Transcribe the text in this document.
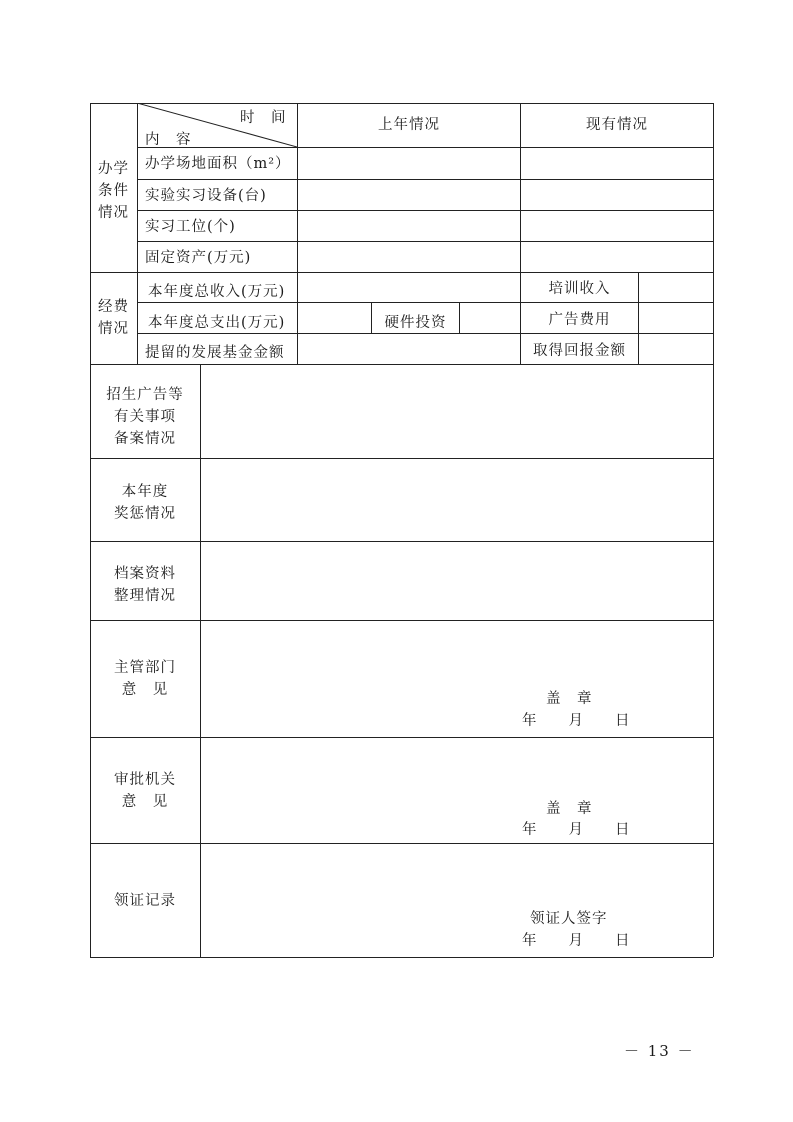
时　间
内　容
上年情况	现有情况
办学
条件
情况
办学场地面积（m²）
实验实习设备(台)
实习工位(个)
固定资产(万元)
经费
情况
本年度总收入(万元)
本年度总支出(万元)	硬件投资
提留的发展基金金额
培训收入
广告费用
取得回报金额
招生广告等
有关事项
备案情况
本年度
奖惩情况
档案资料
整理情况
主管部门
意　见
审批机关
意　见
领证记录
盖　章
年　　月　　日
盖　章
年　　月　　日
领证人签字
年　　月　　日
－ 13 －
